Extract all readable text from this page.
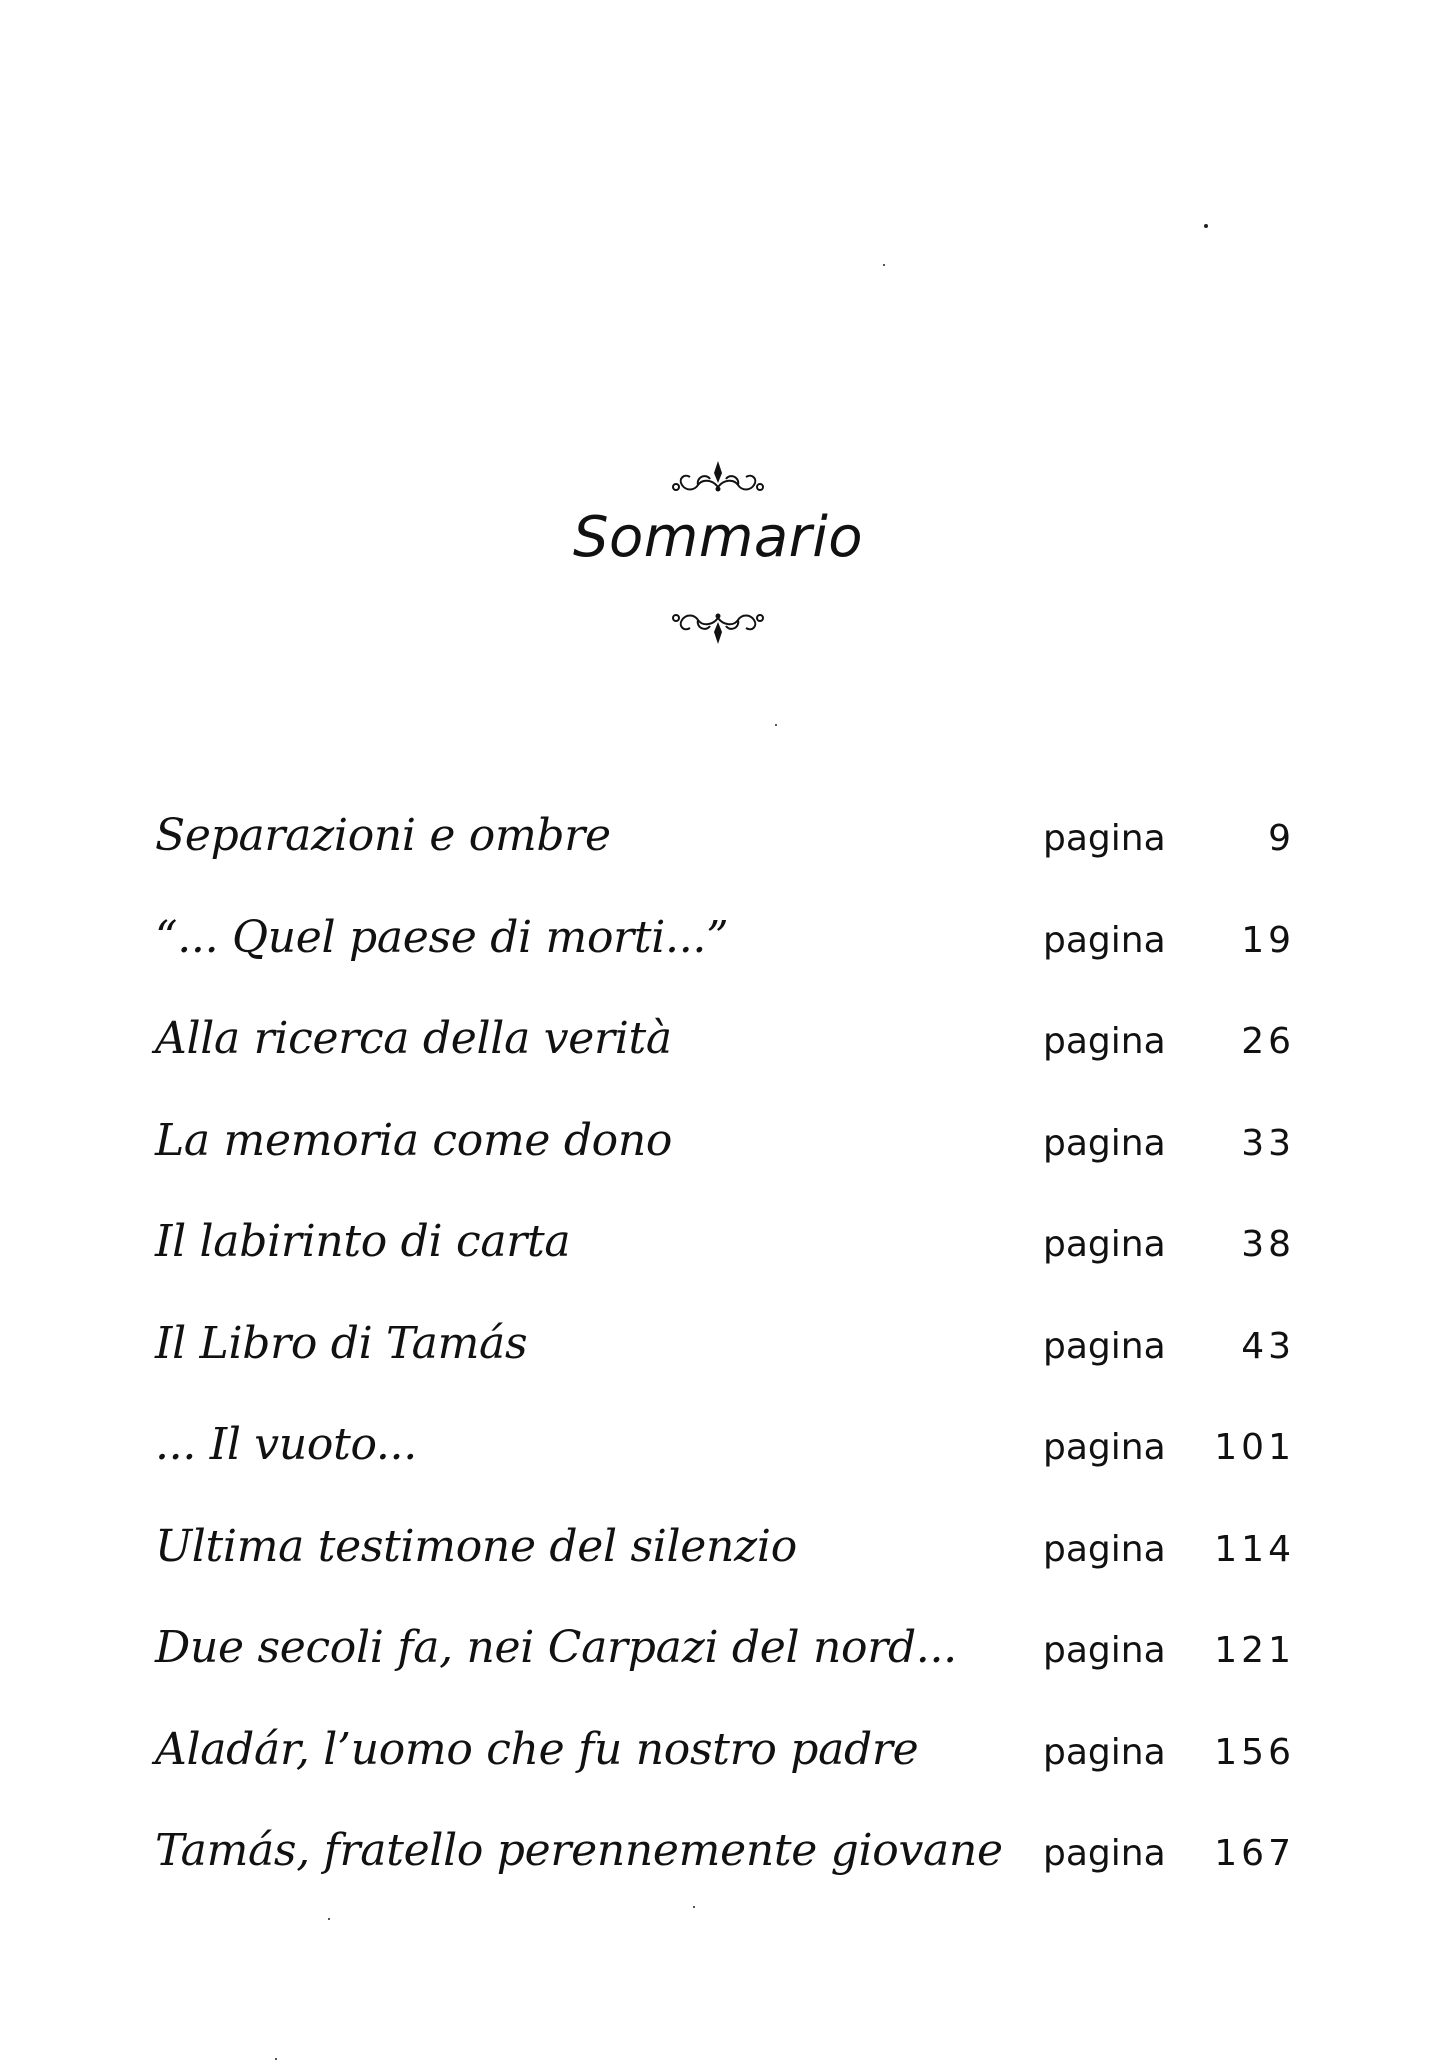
Sommario
Separazioni e ombre	pagina	9
“... Quel paese di morti...”	pagina	19
Alla ricerca della verità	pagina	26
La memoria come dono	pagina	33
Il labirinto di carta	pagina	38
Il Libro di Tamás	pagina	43
... Il vuoto...	pagina	101
Ultima testimone del silenzio	pagina	114
Due secoli fa, nei Carpazi del nord... pagina	121
Aladár, l’uomo che fu nostro padre	pagina	156
Tamás, fratello perennemente giovane pagina	167
